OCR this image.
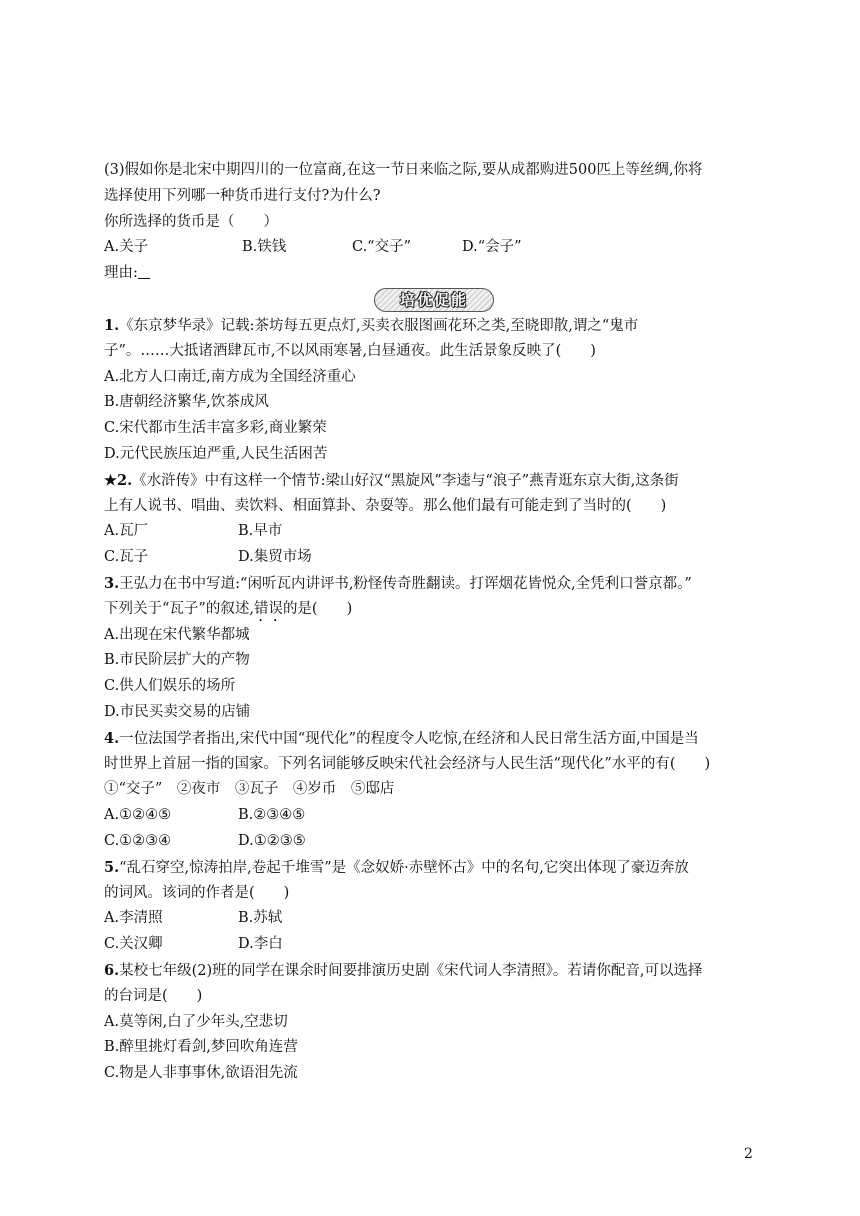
(3)假如你是北宋中期四川的一位富商,在这一节日来临之际,要从成都购进500匹上等丝绸,你将
选择使用下列哪一种货币进行支付?为什么?
你所选择的货币是（　　）
A.关子	B.铁钱	C.“交子”	D.“会子”
理由:
培优促能
1.《东京梦华录》记载:茶坊每五更点灯,买卖衣服图画花环之类,至晓即散,谓之“鬼市
子”。……大抵诸酒肆瓦市,不以风雨寒暑,白昼通夜。此生活景象反映了(　　)
A.北方人口南迁,南方成为全国经济重心
B.唐朝经济繁华,饮茶成风
C.宋代都市生活丰富多彩,商业繁荣
D.元代民族压迫严重,人民生活困苦
★2.《水浒传》中有这样一个情节:梁山好汉“黑旋风”李逵与“浪子”燕青逛东京大街,这条街
上有人说书、唱曲、卖饮料、相面算卦、杂耍等。那么他们最有可能走到了当时的(　　)
A.瓦厂	B.早市
C.瓦子	D.集贸市场
3.王弘力在书中写道:“闲听瓦内讲评书,粉怪传奇胜翻读。打诨烟花皆悦众,全凭利口誉京都。”
下列关于“瓦子”的叙述,错误的是(　　)
A.出现在宋代繁华都城
B.市民阶层扩大的产物
C.供人们娱乐的场所
D.市民买卖交易的店铺
4.一位法国学者指出,宋代中国“现代化”的程度令人吃惊,在经济和人民日常生活方面,中国是当
时世界上首屈一指的国家。下列名词能够反映宋代社会经济与人民生活“现代化”水平的有(　　)
①“交子”　②夜市　③瓦子　④岁币　⑤邸店
A.①②④⑤	B.②③④⑤
C.①②③④	D.①②③⑤
5.“乱石穿空,惊涛拍岸,卷起千堆雪”是《念奴娇·赤壁怀古》中的名句,它突出体现了豪迈奔放
的词风。该词的作者是(　　)
A.李清照	B.苏轼
C.关汉卿	D.李白
6.某校七年级(2)班的同学在课余时间要排演历史剧《宋代词人李清照》。若请你配音,可以选择
的台词是(　　)
A.莫等闲,白了少年头,空悲切
B.醉里挑灯看剑,梦回吹角连营
C.物是人非事事休,欲语泪先流
2
